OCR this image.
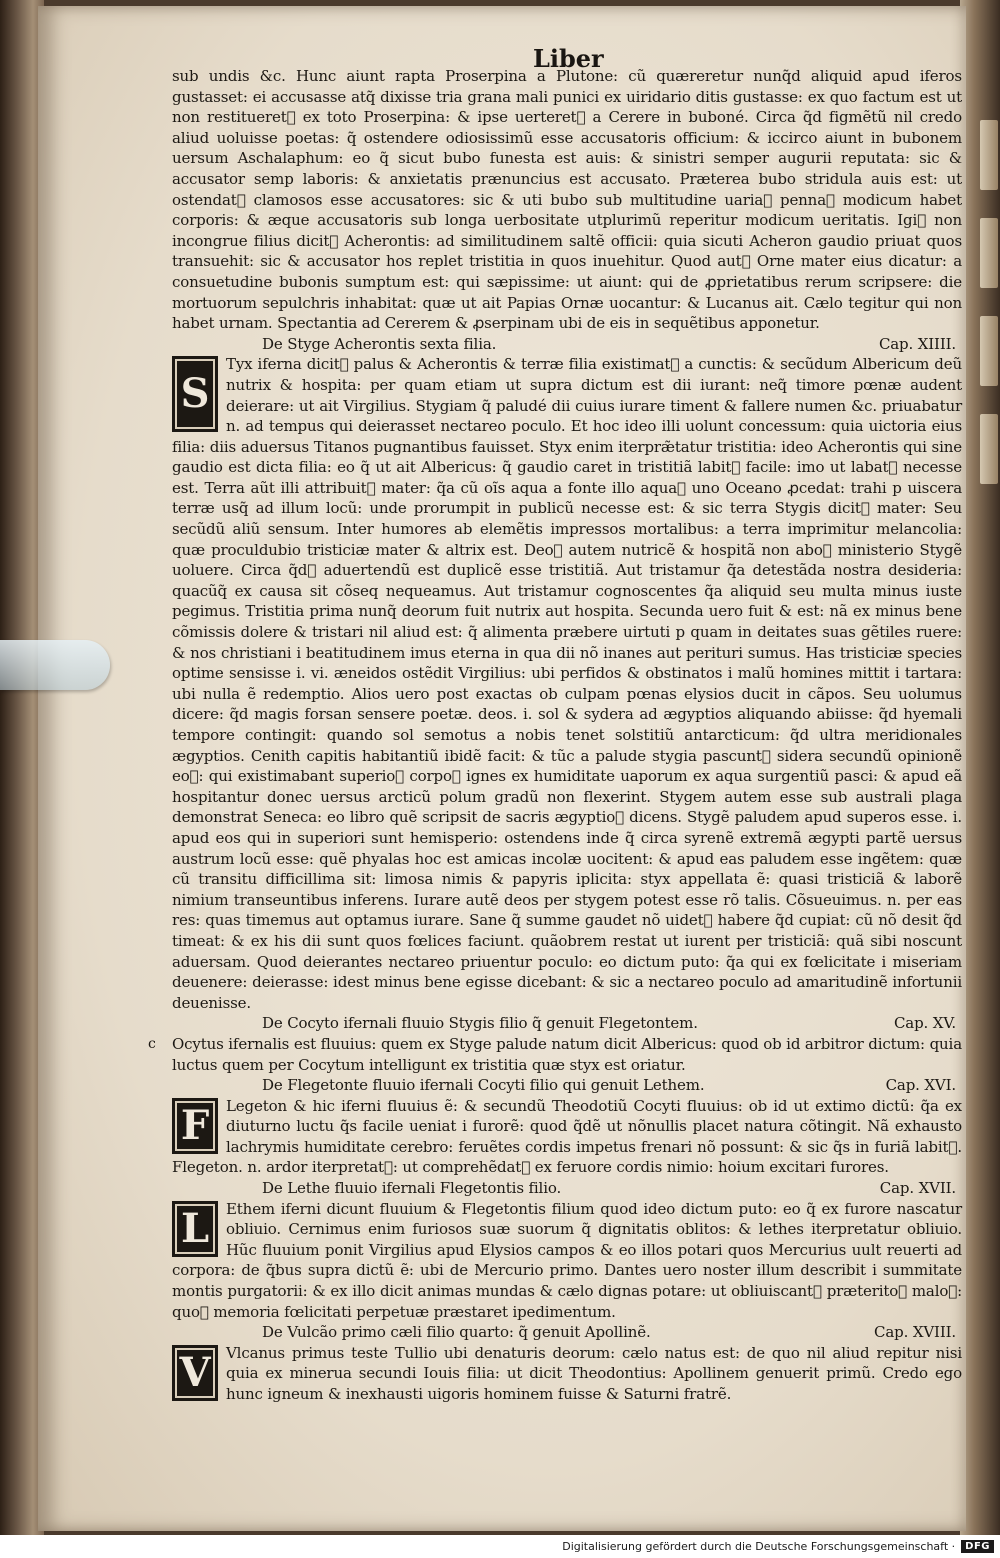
Liber

sub undis &c. Hunc aiunt rapta Proserpina a Plutone: cũ quæreretur nunq̃d aliquid apud iferos gustasset: ei accusasse atq̃ dixisse tria grana mali punici ex uiridario ditis gustasse: ex quo factum est ut non restitueretᷣ ex toto Proserpina: & ipse uerteretᷣ a Cerere in buboné. Circa q̃d figmẽtũ nil credo aliud uoluisse poetas: q̃ ostendere odiosissimũ esse accusatoris officium: & iccirco aiunt in bubonem uersum Aschalaphum: eo q̃ sicut bubo funesta est auis: & sinistri semper augurii reputata: sic & accusator semp laboris: & anxietatis prænuncius est accusato. Præterea bubo stridula auis est: ut ostendatᷣ clamosos esse accusatores: sic & uti bubo sub multitudine uariaꝝ pennaꝝ modicum habet corporis: & æque accusatoris sub longa uerbositate utplurimũ reperitur modicum ueritatis. Igiᷤ non incongrue filius dicitᷣ Acherontis: ad similitudinem saltẽ officii: quia sicuti Acheron gaudio priuat quos transuehit: sic & accusator hos replet tristitia in quos inuehitur. Quod autᷤ Orne mater eius dicatur: a consuetudine bubonis sumptum est: qui sæpissime: ut aiunt: qui de ꝓprietatibus rerum scripsere: die mortuorum sepulchris inhabitat: quæ ut ait Papias Ornæ uocantur: & Lucanus ait. Cælo tegitur qui non habet urnam. Spectantia ad Cererem & ꝓserpinam ubi de eis in sequẽtibus apponetur.

De Styge Acherontis sexta filia.	Cap. XIIII.

S
Tyx iferna dicitᷣ palus & Acherontis & terræ filia existimatᷣ a cunctis: & secũdum Albericum deũ nutrix & hospita: per quam etiam ut supra dictum est dii iurant: neq̃ timore pœnæ audent deierare: ut ait Virgilius. Stygiam q̃ paludé dii cuius iurare timent & fallere numen &c. priuabatur n. ad tempus qui deierasset nectareo poculo. Et hoc ideo illi uolunt concessum: quia uictoria eius filia: diis aduersus Titanos pugnantibus fauisset. Styx enim iterpræ̃tatur tristitia: ideo Acherontis qui sine gaudio est dicta filia: eo q̃ ut ait Albericus: q̃ gaudio caret in tristitiã labitᷣ facile: imo ut labatᷣ necesse est. Terra aũt illi attribuitᷣ mater: q̃a cũ oĩs aqua a fonte illo aquaꝝ uno Oceano ꝓcedat: trahi p uiscera terræ usq̃ ad illum locũ: unde prorumpit in publicũ necesse est: & sic terra Stygis dicitᷣ mater: Seu secũdũ aliũ sensum. Inter humores ab elemẽtis impressos mortalibus: a terra imprimitur melancolia: quæ proculdubio tristiciæ mater & altrix est. Deoꝝ autem nutricẽ & hospitã non aboꝝ ministerio Stygẽ uoluere. Circa q̃dᷤ aduertendũ est duplicẽ esse tristitiã. Aut tristamur q̃a detestãda nostra desideria: quacũq̃ ex causa sit cõseq nequeamus. Aut tristamur cognoscentes q̃a aliquid seu multa minus iuste pegimus. Tristitia prima nunq̃ deorum fuit nutrix aut hospita. Secunda uero fuit & est: nã ex minus bene cõmissis dolere & tristari nil aliud est: q̃ alimenta præbere uirtuti p quam in deitates suas gẽtiles ruere: & nos christiani i beatitudinem imus eterna in qua dii nõ inanes aut perituri sumus. Has tristiciæ species optime sensisse i. vi. æneidos ostẽdit Virgilius: ubi perfidos & obstinatos i malũ homines mittit i tartara: ubi nulla ẽ redemptio. Alios uero post exactas ob culpam pœnas elysios ducit in cãpos. Seu uolumus dicere: q̃d magis forsan sensere poetæ. deos. i. sol & sydera ad ægyptios aliquando abiisse: q̃d hyemali tempore contingit: quando sol semotus a nobis tenet solstitiũ antarcticum: q̃d ultra meridionales ægyptios. Cenith capitis habitantiũ ibidẽ facit: & tũc a palude stygia pascuntᷤ sidera secundũ opinionẽ eoꝝ: qui existimabant superioꝝ corpoꝝ ignes ex humiditate uaporum ex aqua surgentiũ pasci: & apud eã hospitantur donec uersus arcticũ polum gradũ non flexerint. Stygem autem esse sub australi plaga demonstrat Seneca: eo libro quẽ scripsit de sacris ægyptioꝝ dicens. Stygẽ paludem apud superos esse. i. apud eos qui in superiori sunt hemisperio: ostendens inde q̃ circa syrenẽ extremã ægypti partẽ uersus austrum locũ esse: quẽ phyalas hoc est amicas incolæ uocitent: & apud eas paludem esse ingẽtem: quæ cũ transitu difficillima sit: limosa nimis & papyris iplicita: styx appellata ẽ: quasi tristiciã & laborẽ nimium transeuntibus inferens. Iurare autẽ deos per stygem potest esse rõ talis. Cõsueuimus. n. per eas res: quas timemus aut optamus iurare. Sane q̃ summe gaudet nõ uidetᷣ habere q̃d cupiat: cũ nõ desit q̃d timeat: & ex his dii sunt quos fœlices faciunt. quãobrem restat ut iurent per tristiciã: quã sibi noscunt aduersam. Quod deierantes nectareo priuentur poculo: eo dictum puto: q̃a qui ex fœlicitate i miseriam deuenere: deierasse: idest minus bene egisse dicebant: & sic a nectareo poculo ad amaritudinẽ infortunii deuenisse.

De Cocyto ifernali fluuio Stygis filio q̃ genuit Flegetontem.	Cap. XV.

Ocytus ifernalis est fluuius: quem ex Styge palude natum dicit Albericus: quod ob id arbitror dictum: quia luctus quem per Cocytum intelligunt ex tristitia quæ styx est oriatur.

De Flegetonte fluuio ifernali Cocyti filio qui genuit Lethem.	Cap. XVI.

F	Legeton & hic iferni fluuius ẽ: & secundũ Theodotiũ Cocyti fluuius: ob id ut extimo dictũ: q̃a ex diuturno luctu q̃s facile ueniat i furorẽ: quod q̃dẽ ut nõnullis placet natura cõtingit. Nã exhausto lachrymis humiditate cerebro: feruẽtes cordis impetus frenari nõ possunt: & sic q̃s in furiã labitᷣ. Flegeton. n. ardor iterpretatᷣ: ut comprehẽdatᷣ ex feruore cordis nimio: hoium excitari furores.

De Lethe fluuio ifernali Flegetontis filio.	Cap. XVII.

L	Ethem iferni dicunt fluuium & Flegetontis filium quod ideo dictum puto: eo q̃ ex furore nascatur obliuio. Cernimus enim furiosos suæ suorum q̃ dignitatis oblitos: & lethes iterpretatur obliuio. Hũc fluuium ponit Virgilius apud Elysios campos & eo illos potari quos Mercurius uult reuerti ad corpora: de q̃bus supra dictũ ẽ: ubi de Mercurio primo. Dantes uero noster illum describit i summitate montis purgatorii: & ex illo dicit animas mundas & cælo dignas potare: ut obliuiscantᷣ præteritoꝝ maloꝝ: quoꝝ memoria fœlicitati perpetuæ præstaret ipedimentum.

De Vulcão primo cæli filio quarto: q̃ genuit Apollinẽ.	Cap. XVIII.

V	Vlcanus primus teste Tullio ubi denaturis deorum: cælo natus est: de quo nil aliud repitur nisi quia ex minerua secundi Iouis filia: ut dicit Theodontius: Apollinem genuerit primũ. Credo ego hunc igneum & inexhausti uigoris hominem fuisse & Saturni fratrẽ.

Digitalisierung gefördert durch die Deutsche Forschungsgemeinschaft ·	DFG
